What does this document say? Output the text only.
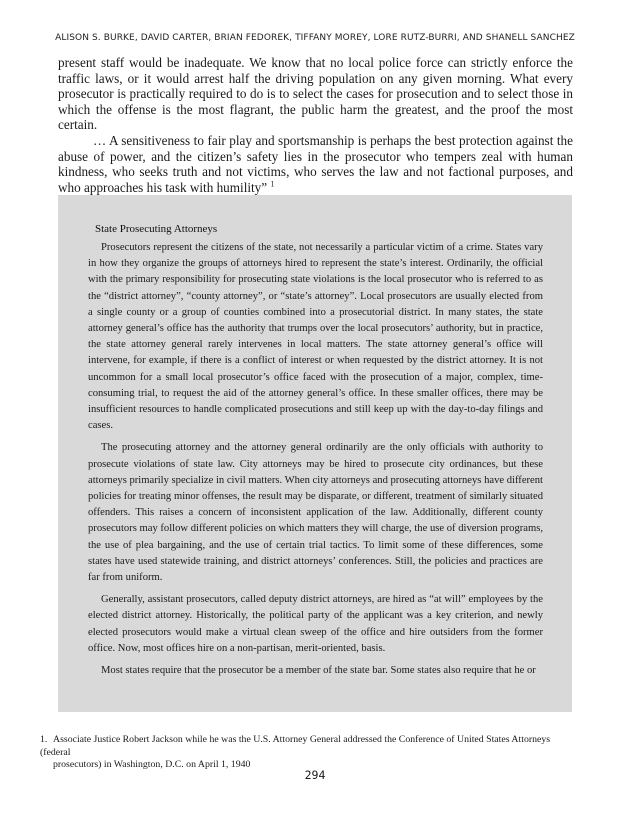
ALISON S. BURKE, DAVID CARTER, BRIAN FEDOREK, TIFFANY MOREY, LORE RUTZ-BURRI, AND SHANELL SANCHEZ

present staff would be inadequate. We know that no local police force can strictly enforce the traffic laws, or it would arrest half the driving population on any given morning. What every prosecutor is practically required to do is to select the cases for prosecution and to select those in which the offense is the most flagrant, the public harm the greatest, and the proof the most certain.

… A sensitiveness to fair play and sportsmanship is perhaps the best protection against the abuse of power, and the citizen’s safety lies in the prosecutor who tempers zeal with human kindness, who seeks truth and not victims, who serves the law and not factional purposes, and who approaches his task with humility” $^1$

State Prosecuting Attorneys

Prosecutors represent the citizens of the state, not necessarily a particular victim of a crime. States vary in how they organize the groups of attorneys hired to represent the state’s interest. Ordinarily, the official with the primary responsibility for prosecuting state violations is the local prosecutor who is referred to as the “district attorney”, “county attorney”, or “state’s attorney”. Local prosecutors are usually elected from a single county or a group of counties combined into a prosecutorial district. In many states, the state attorney general’s office has the authority that trumps over the local prosecutors’ authority, but in practice, the state attorney general rarely intervenes in local matters. The state attorney general’s office will intervene, for example, if there is a conflict of interest or when requested by the district attorney. It is not uncommon for a small local prosecutor’s office faced with the prosecution of a major, complex, time-consuming trial, to request the aid of the attorney general’s office. In these smaller offices, there may be insufficient resources to handle complicated prosecutions and still keep up with the day-to-day filings and cases.

The prosecuting attorney and the attorney general ordinarily are the only officials with authority to prosecute violations of state law. City attorneys may be hired to prosecute city ordinances, but these attorneys primarily specialize in civil matters. When city attorneys and prosecuting attorneys have different policies for treating minor offenses, the result may be disparate, or different, treatment of similarly situated offenders. This raises a concern of inconsistent application of the law. Additionally, different county prosecutors may follow different policies on which matters they will charge, the use of diversion programs, the use of plea bargaining, and the use of certain trial tactics. To limit some of these differences, some states have used statewide training, and district attorneys’ conferences. Still, the policies and practices are far from uniform.

Generally, assistant prosecutors, called deputy district attorneys, are hired as “at will” employees by the elected district attorney. Historically, the political party of the applicant was a key criterion, and newly elected prosecutors would make a virtual clean sweep of the office and hire outsiders from the former office. Now, most offices hire on a non-partisan, merit-oriented, basis.

Most states require that the prosecutor be a member of the state bar. Some states also require that he or

1. Associate Justice Robert Jackson while he was the U.S. Attorney General addressed the Conference of United States Attorneys (federal
prosecutors) in Washington, D.C. on April 1, 1940
294
